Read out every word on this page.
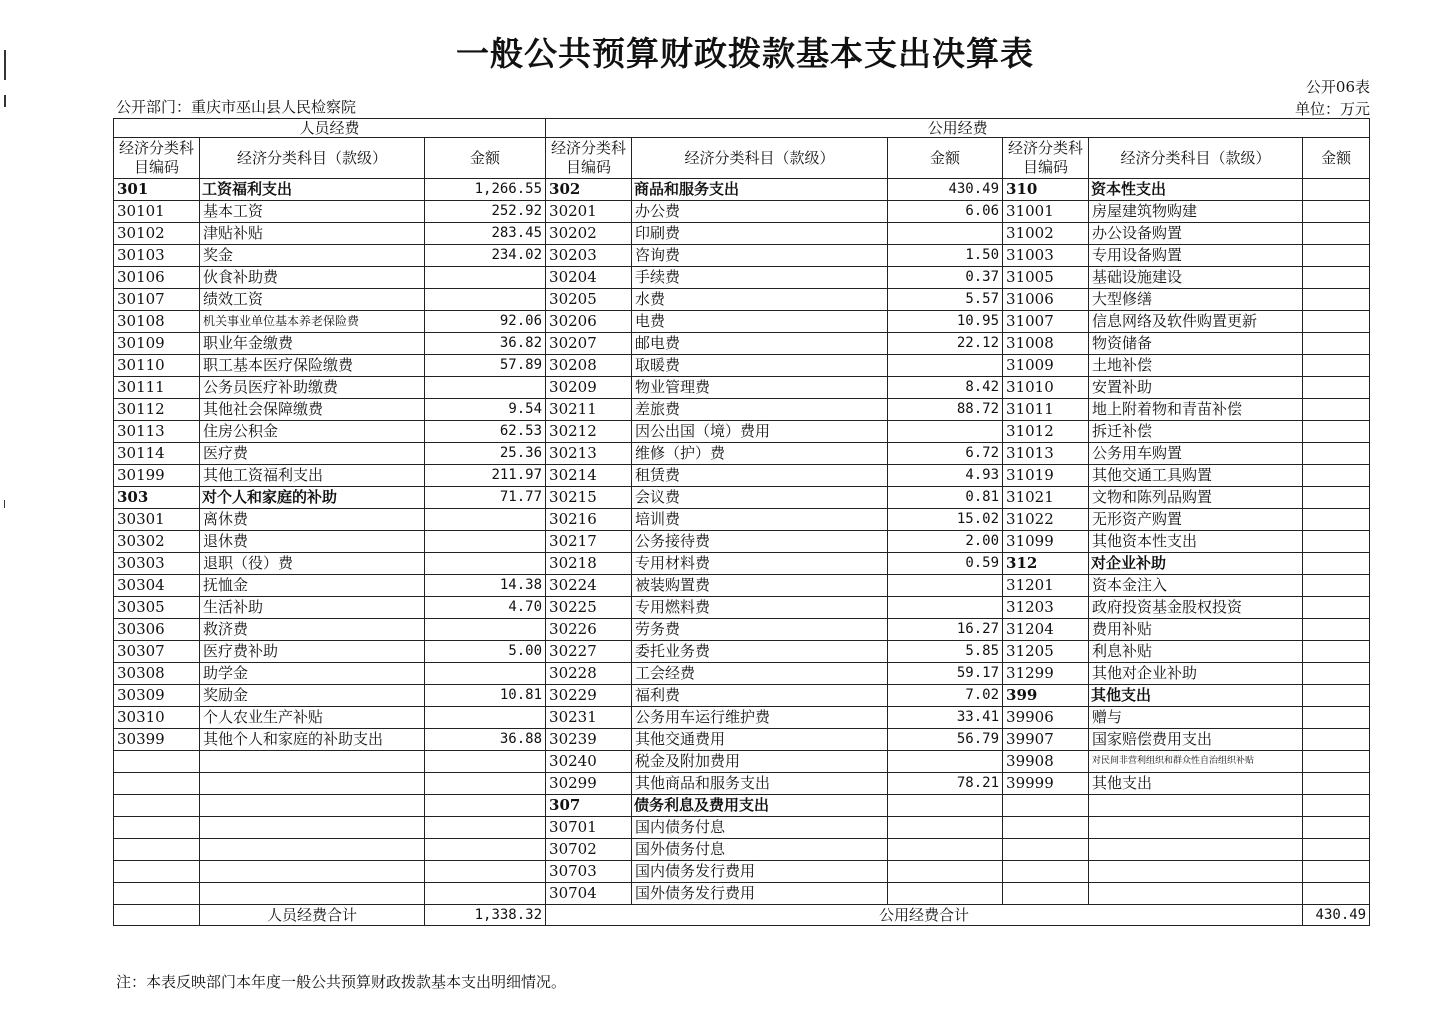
一般公共预算财政拨款基本支出决算表
公开06表
公开部门：重庆市巫山县人民检察院	单位：万元
人员经费			公用经费					
经济分类科目编码	经济分类科目（款级）	金额	经济分类科目编码	经济分类科目（款级）	金额	经济分类科目编码	经济分类科目（款级）	金额
301	工资福利支出	1,266.55	302	商品和服务支出	430.49	310	资本性支出	
30101	基本工资	252.92	30201	办公费	6.06	31001	房屋建筑物购建	
30102	津贴补贴	283.45	30202	印刷费		31002	办公设备购置	
30103	奖金	234.02	30203	咨询费	1.50	31003	专用设备购置	
30106	伙食补助费		30204	手续费	0.37	31005	基础设施建设	
30107	绩效工资		30205	水费	5.57	31006	大型修缮	
30108	机关事业单位基本养老保险费	92.06	30206	电费	10.95	31007	信息网络及软件购置更新	
30109	职业年金缴费	36.82	30207	邮电费	22.12	31008	物资储备	
30110	职工基本医疗保险缴费	57.89	30208	取暖费		31009	土地补偿	
30111	公务员医疗补助缴费		30209	物业管理费	8.42	31010	安置补助	
30112	其他社会保障缴费	9.54	30211	差旅费	88.72	31011	地上附着物和青苗补偿	
30113	住房公积金	62.53	30212	因公出国（境）费用		31012	拆迁补偿	
30114	医疗费	25.36	30213	维修（护）费	6.72	31013	公务用车购置	
30199	其他工资福利支出	211.97	30214	租赁费	4.93	31019	其他交通工具购置	
303	对个人和家庭的补助	71.77	30215	会议费	0.81	31021	文物和陈列品购置	
30301	离休费		30216	培训费	15.02	31022	无形资产购置	
30302	退休费		30217	公务接待费	2.00	31099	其他资本性支出	
30303	退职（役）费		30218	专用材料费	0.59	312	对企业补助	
30304	抚恤金	14.38	30224	被装购置费		31201	资本金注入	
30305	生活补助	4.70	30225	专用燃料费		31203	政府投资基金股权投资	
30306	救济费		30226	劳务费	16.27	31204	费用补贴	
30307	医疗费补助	5.00	30227	委托业务费	5.85	31205	利息补贴	
30308	助学金		30228	工会经费	59.17	31299	其他对企业补助	
30309	奖励金	10.81	30229	福利费	7.02	399	其他支出	
30310	个人农业生产补贴		30231	公务用车运行维护费	33.41	39906	赠与	
30399	其他个人和家庭的补助支出	36.88	30239	其他交通费用	56.79	39907	国家赔偿费用支出	
			30240	税金及附加费用		39908	对民间非营利组织和群众性自治组织补贴	
			30299	其他商品和服务支出	78.21	39999	其他支出	
			307	债务利息及费用支出				
			30701	国内债务付息				
			30702	国外债务付息				
			30703	国内债务发行费用				
			30704	国外债务发行费用				
	人员经费合计	1,338.32	公用经费合计					430.49
注：本表反映部门本年度一般公共预算财政拨款基本支出明细情况。
